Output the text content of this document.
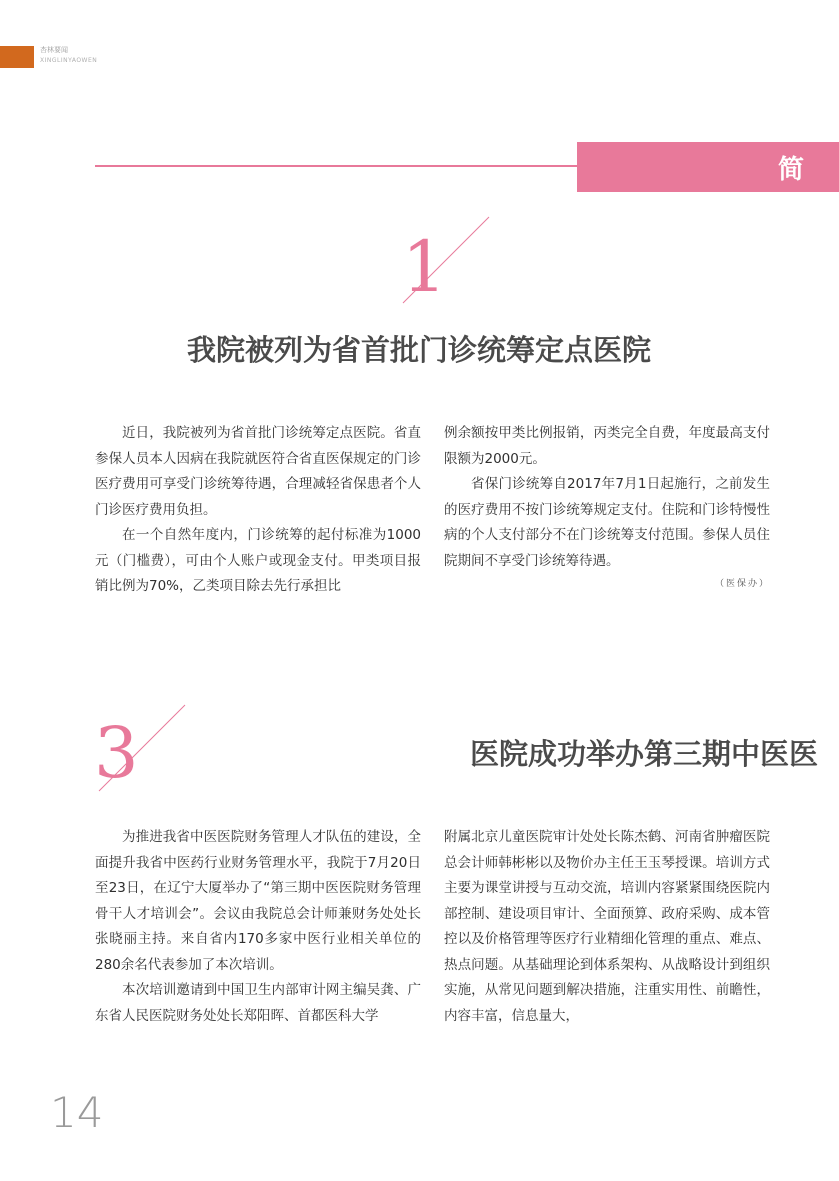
杏林要闻
XINGLINYAOWEN
简
1
我院被列为省首批门诊统筹定点医院

近日，我院被列为省首批门诊统筹定点医院。省直参保人员本人因病在我院就医符合省直医保规定的门诊医疗费用可享受门诊统筹待遇，合理减轻省保患者个人门诊医疗费用负担。

在一个自然年度内，门诊统筹的起付标准为1000元（门槛费），可由个人账户或现金支付。甲类项目报销比例为70%，乙类项目除去先行承担比

例余额按甲类比例报销，丙类完全自费，年度最高支付限额为2000元。

省保门诊统筹自2017年7月1日起施行，之前发生的医疗费用不按门诊统筹规定支付。住院和门诊特慢性病的个人支付部分不在门诊统筹支付范围。参保人员住院期间不享受门诊统筹待遇。

（医保办）
3	医院成功举办第三期中医医

为推进我省中医医院财务管理人才队伍的建设，全面提升我省中医药行业财务管理水平，我院于7月20日至23日，在辽宁大厦举办了“第三期中医医院财务管理骨干人才培训会”。会议由我院总会计师兼财务处处长张晓丽主持。来自省内170多家中医行业相关单位的280余名代表参加了本次培训。

本次培训邀请到中国卫生内部审计网主编吴龚、广东省人民医院财务处处长郑阳晖、首都医科大学

附属北京儿童医院审计处处长陈杰鹤、河南省肿瘤医院总会计师韩彬彬以及物价办主任王玉琴授课。培训方式主要为课堂讲授与互动交流，培训内容紧紧围绕医院内部控制、建设项目审计、全面预算、政府采购、成本管控以及价格管理等医疗行业精细化管理的重点、难点、热点问题。从基础理论到体系架构、从战略设计到组织实施，从常见问题到解决措施，注重实用性、前瞻性，内容丰富，信息量大，

14
